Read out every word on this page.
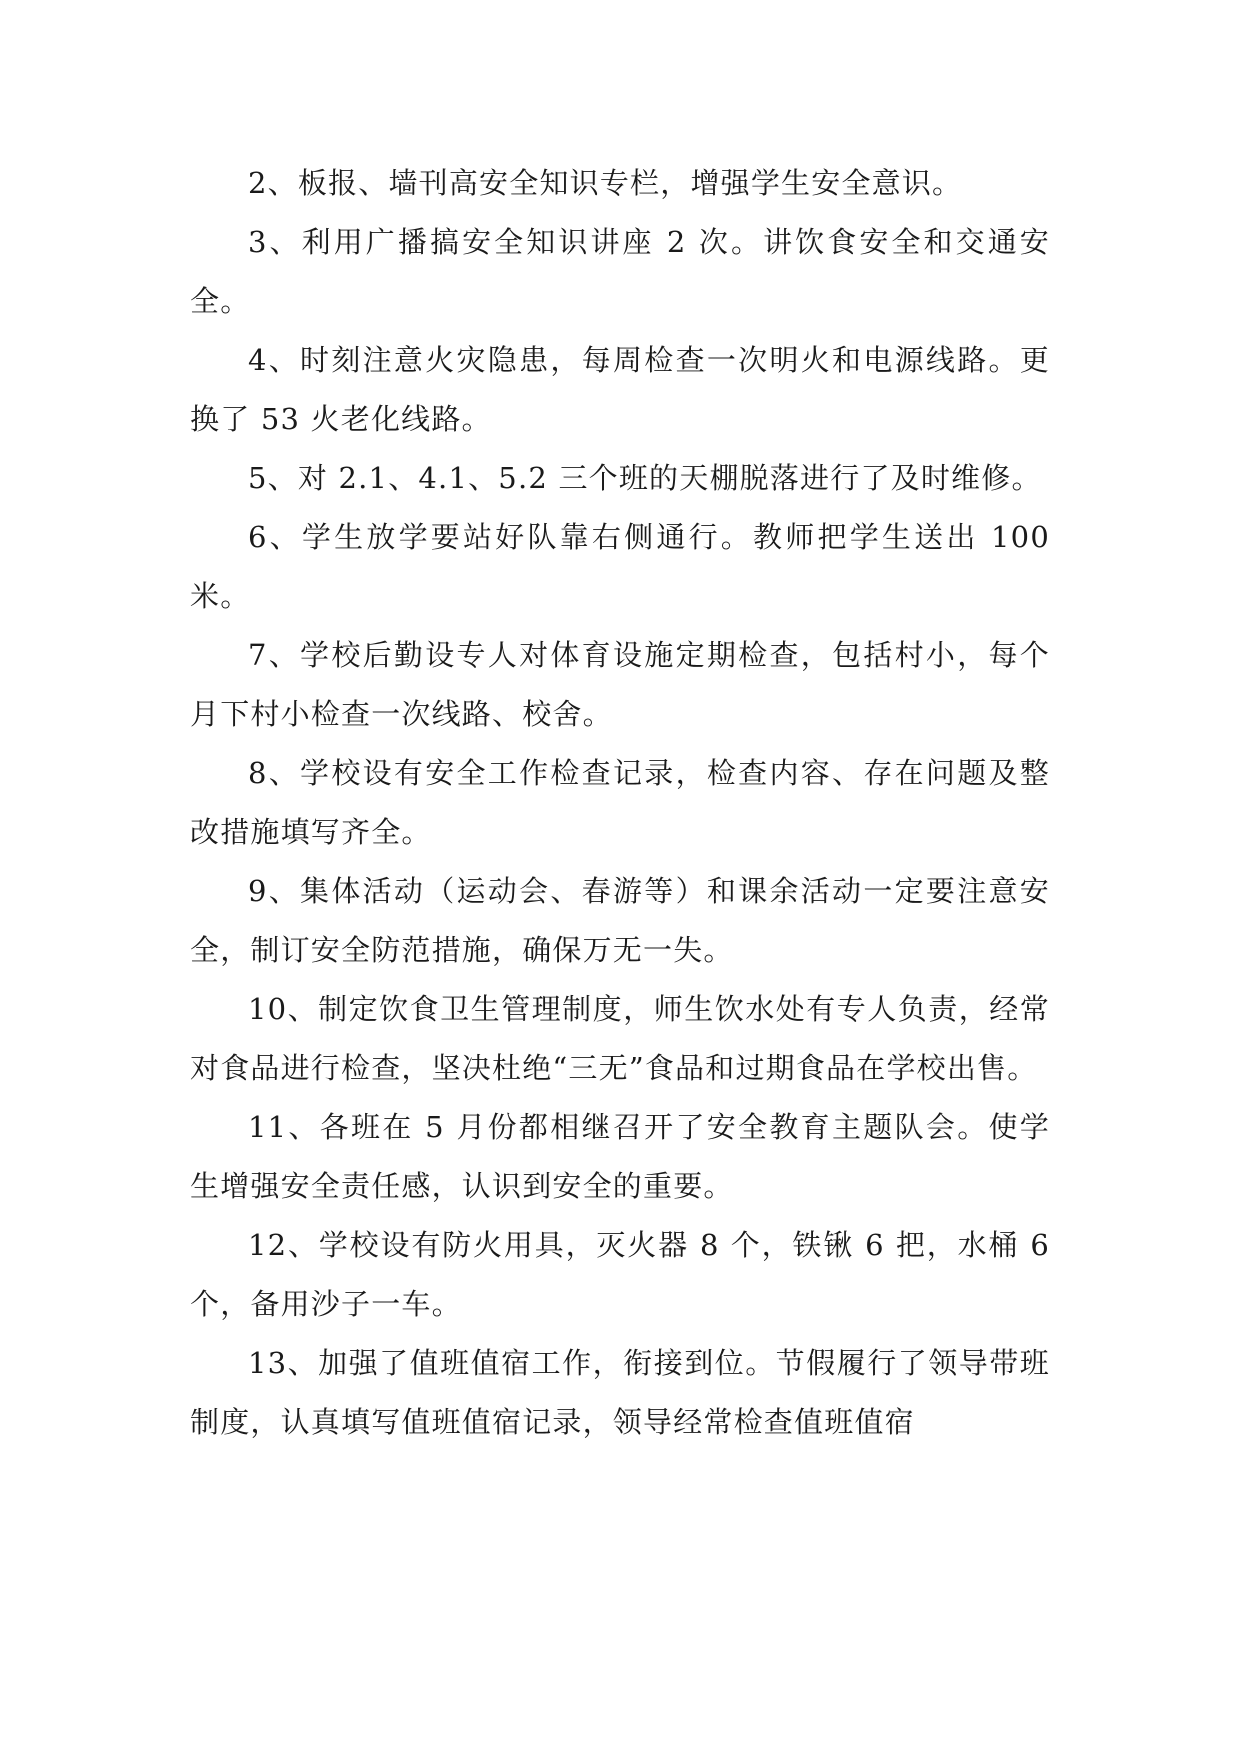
2、板报、墙刊高安全知识专栏，增强学生安全意识。

3、利用广播搞安全知识讲座 2 次。讲饮食安全和交通安全。

4、时刻注意火灾隐患，每周检查一次明火和电源线路。更换了 53 火老化线路。

5、对 2.1、4.1、5.2 三个班的天棚脱落进行了及时维修。

6、学生放学要站好队靠右侧通行。教师把学生送出 100 米。

7、学校后勤设专人对体育设施定期检查，包括村小，每个月下村小检查一次线路、校舍。

8、学校设有安全工作检查记录，检查内容、存在问题及整改措施填写齐全。

9、集体活动（运动会、春游等）和课余活动一定要注意安全，制订安全防范措施，确保万无一失。

10、制定饮食卫生管理制度，师生饮水处有专人负责，经常对食品进行检查，坚决杜绝“三无”食品和过期食品在学校出售。

11、各班在 5 月份都相继召开了安全教育主题队会。使学生增强安全责任感，认识到安全的重要。

12、学校设有防火用具，灭火器 8 个，铁锹 6 把，水桶 6 个，备用沙子一车。

13、加强了值班值宿工作，衔接到位。节假履行了领导带班制度，认真填写值班值宿记录，领导经常检查值班值宿
